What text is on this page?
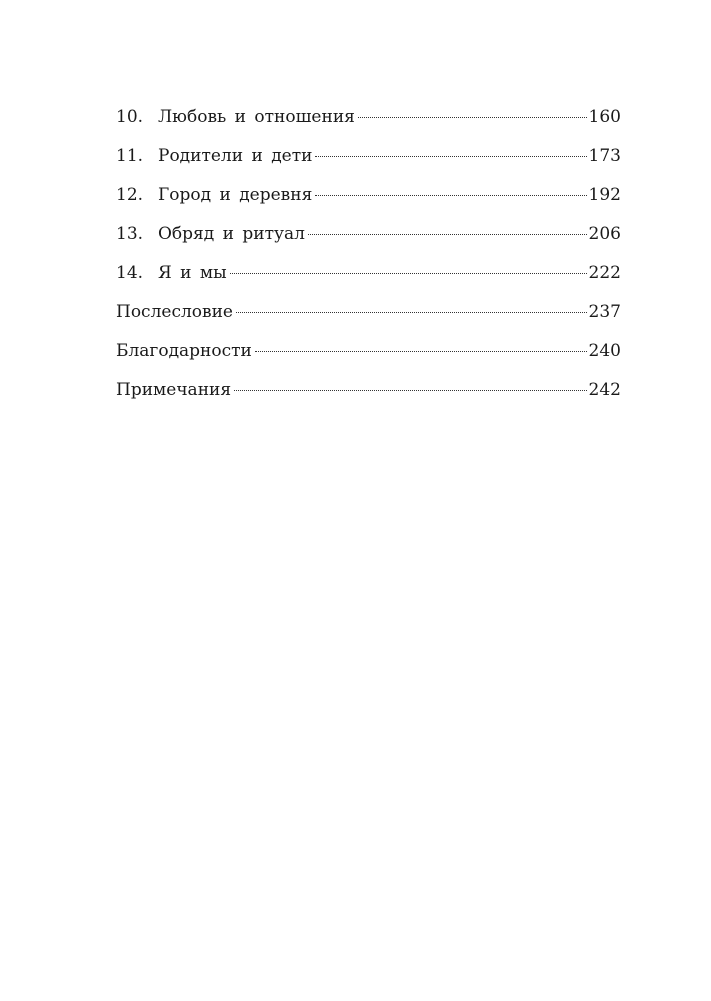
10. Любовь и отношения	160
11. Родители и дети	173
12. Город и деревня	192
13. Обряд и ритуал	206
14. Я и мы	222
Послесловие	237
Благодарности	240
Примечания	242
